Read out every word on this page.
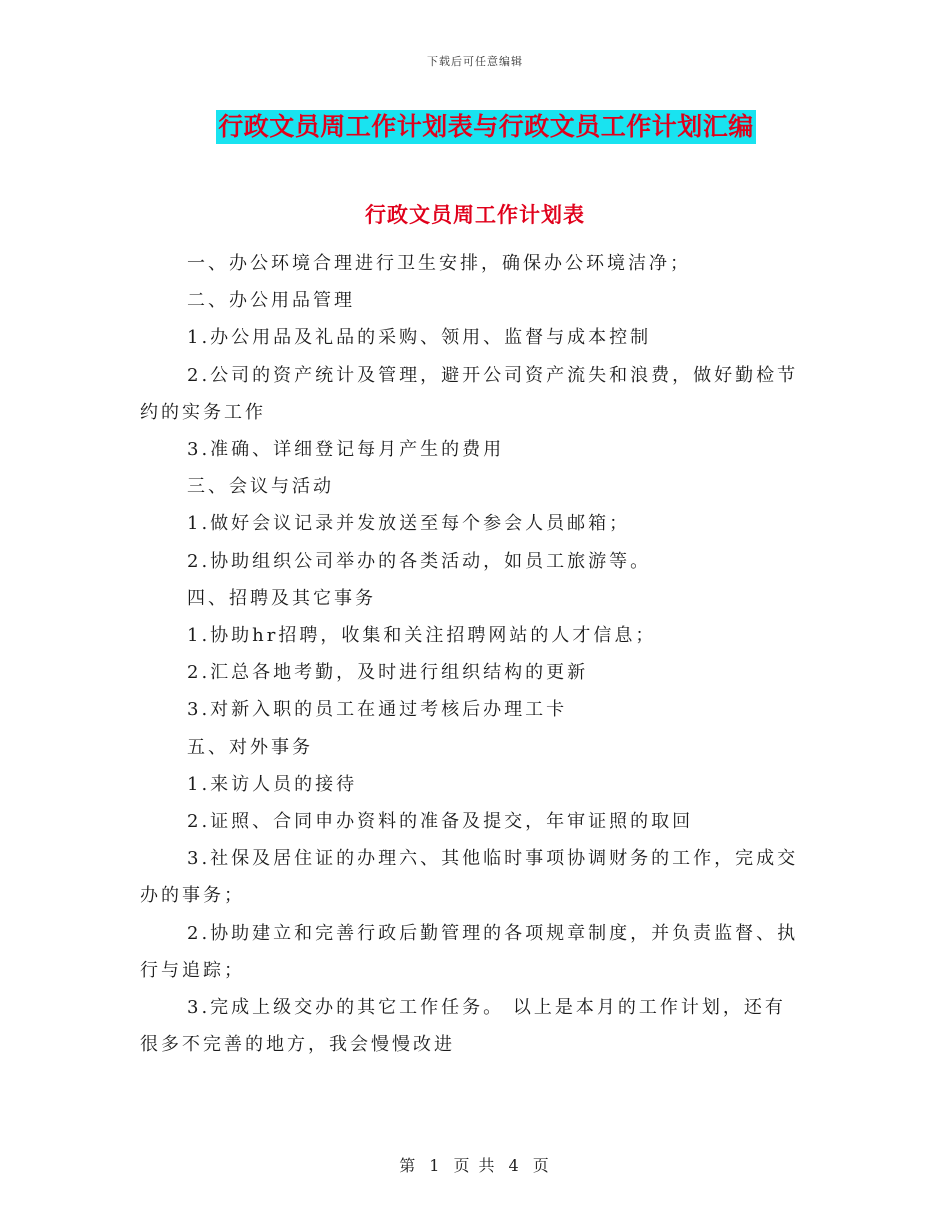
下载后可任意编辑
行政文员周工作计划表与行政文员工作计划汇编
行政文员周工作计划表

一、办公环境合理进行卫生安排，确保办公环境洁净；

二、办公用品管理

1.办公用品及礼品的采购、领用、监督与成本控制

2.公司的资产统计及管理，避开公司资产流失和浪费，做好勤检节约的实务工作

3.准确、详细登记每月产生的费用

三、会议与活动

1.做好会议记录并发放送至每个参会人员邮箱；

2.协助组织公司举办的各类活动，如员工旅游等。

四、招聘及其它事务

1.协助hr招聘，收集和关注招聘网站的人才信息；

2.汇总各地考勤，及时进行组织结构的更新

3.对新入职的员工在通过考核后办理工卡

五、对外事务

1.来访人员的接待

2.证照、合同申办资料的准备及提交，年审证照的取回

3.社保及居住证的办理六、其他临时事项协调财务的工作，完成交办的事务；

2.协助建立和完善行政后勤管理的各项规章制度，并负责监督、执行与追踪；

3.完成上级交办的其它工作任务。 以上是本月的工作计划，还有很多不完善的地方，我会慢慢改进

第 1 页 共 4 页
